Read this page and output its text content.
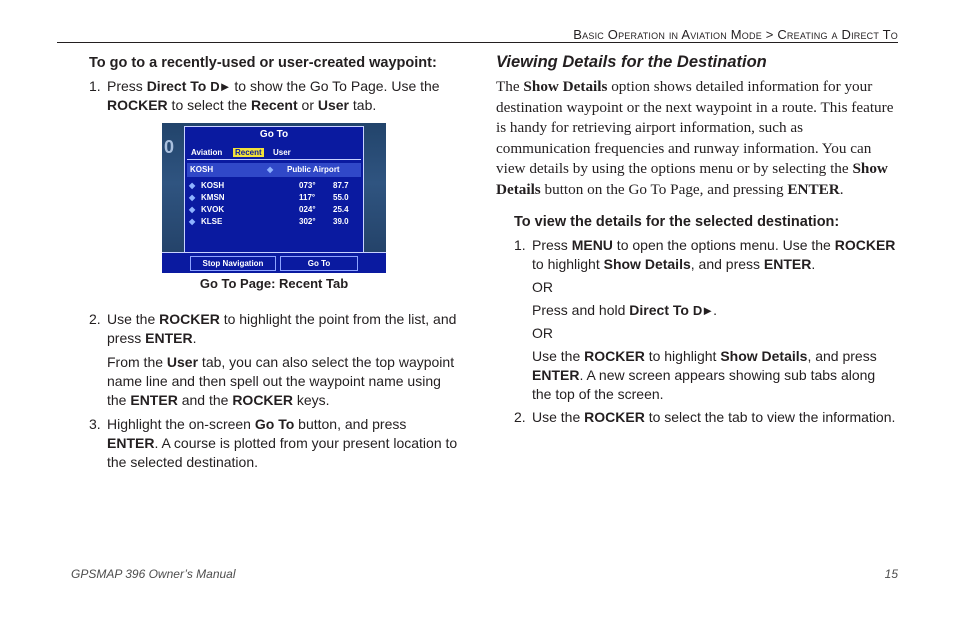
Basic Operation in Aviation Mode > Creating a Direct To

To go to a recently-used or user-created waypoint:

1. Press Direct To D► to show the Go To Page. Use the ROCKER to select the Recent or User tab.

0
Go To
Aviation Recent User
KOSH	◆ Public Airport
◆ KOSH	073° 87.7
◆ KMSN	117° 55.0
◆ KVOK	024° 25.4
◆ KLSE	302° 39.0
Stop Navigation	Go To
Go To Page: Recent Tab

2. Use the ROCKER to highlight the point from the list, and press ENTER.

From the User tab, you can also select the top waypoint name line and then spell out the waypoint name using the ENTER and the ROCKER keys.

3. Highlight the on-screen Go To button, and press ENTER. A course is plotted from your present location to the selected destination.

Viewing Details for the Destination

The Show Details option shows detailed information for your destination waypoint or the next waypoint in a route. This feature is handy for retrieving airport information, such as communication frequencies and runway information. You can view details by using the options menu or by selecting the Show Details button on the Go To Page, and pressing ENTER.

To view the details for the selected destination:

1. Press MENU to open the options menu. Use the ROCKER to highlight Show Details, and press ENTER.

OR

Press and hold Direct To D►.

OR

Use the ROCKER to highlight Show Details, and press ENTER. A new screen appears showing sub tabs along the top of the screen.

2. Use the ROCKER to select the tab to view the information.

GPSMAP 396 Owner’s Manual	15
